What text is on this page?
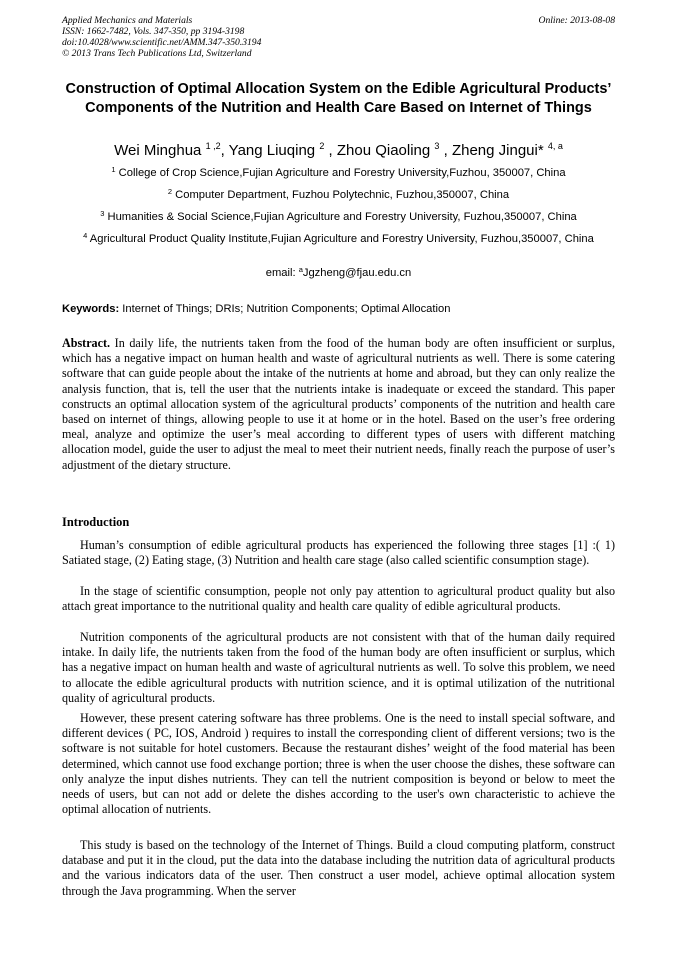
Applied Mechanics and Materials
ISSN: 1662-7482, Vols. 347-350, pp 3194-3198
doi:10.4028/www.scientific.net/AMM.347-350.3194
© 2013 Trans Tech Publications Ltd, Switzerland
Online: 2013-08-08
Construction of Optimal Allocation System on the Edible Agricultural Products’ Components of the Nutrition and Health Care Based on Internet of Things
Wei Minghua $^{1 ,2}$, Yang Liuqing $^2$ , Zhou Qiaoling $^3$ , Zheng Jingui* $^{4, a}$
$^1$ College of Crop Science,Fujian Agriculture and Forestry University,Fuzhou, 350007, China
$^2$ Computer Department, Fuzhou Polytechnic, Fuzhou,350007, China
$^3$ Humanities & Social Science,Fujian Agriculture and Forestry University, Fuzhou,350007, China
$^4$ Agricultural Product Quality Institute,Fujian Agriculture and Forestry University, Fuzhou,350007, China
email: $^a$Jgzheng@fjau.edu.cn
Keywords: Internet of Things; DRIs; Nutrition Components; Optimal Allocation
Abstract. In daily life, the nutrients taken from the food of the human body are often insufficient or surplus, which has a negative impact on human health and waste of agricultural nutrients as well. There is some catering software that can guide people about the intake of the nutrients at home and abroad, but they can only realize the analysis function, that is, tell the user that the nutrients intake is inadequate or exceed the standard. This paper constructs an optimal allocation system of the agricultural products’ components of the nutrition and health care based on internet of things, allowing people to use it at home or in the hotel. Based on the user’s free ordering meal, analyze and optimize the user’s meal according to different types of users with different matching allocation model, guide the user to adjust the meal to meet their nutrient needs, finally reach the purpose of user’s adjustment of the dietary structure.
Introduction
Human’s consumption of edible agricultural products has experienced the following three stages [1] :( 1) Satiated stage, (2) Eating stage, (3) Nutrition and health care stage (also called scientific consumption stage).
In the stage of scientific consumption, people not only pay attention to agricultural product quality but also attach great importance to the nutritional quality and health care quality of edible agricultural products.
Nutrition components of the agricultural products are not consistent with that of the human daily required intake. In daily life, the nutrients taken from the food of the human body are often insufficient or surplus, which has a negative impact on human health and waste of agricultural nutrients as well. To solve this problem, we need to allocate the edible agricultural products with nutrition science, and it is optimal utilization of the nutritional quality of agricultural products.
However, these present catering software has three problems. One is the need to install special software, and different devices ( PC, IOS, Android ) requires to install the corresponding client of different versions; two is the software is not suitable for hotel customers. Because the restaurant dishes’ weight of the food material has been determined, which cannot use food exchange portion; three is when the user choose the dishes, these software can only analyze the input dishes nutrients. They can tell the nutrient composition is beyond or below to meet the needs of users, but can not add or delete the dishes according to the user's own characteristic to achieve the optimal allocation of nutrients.
This study is based on the technology of the Internet of Things. Build a cloud computing platform, construct database and put it in the cloud, put the data into the database including the nutrition data of agricultural products and the various indicators data of the user. Then construct a user model, achieve optimal allocation system through the Java programming. When the server
